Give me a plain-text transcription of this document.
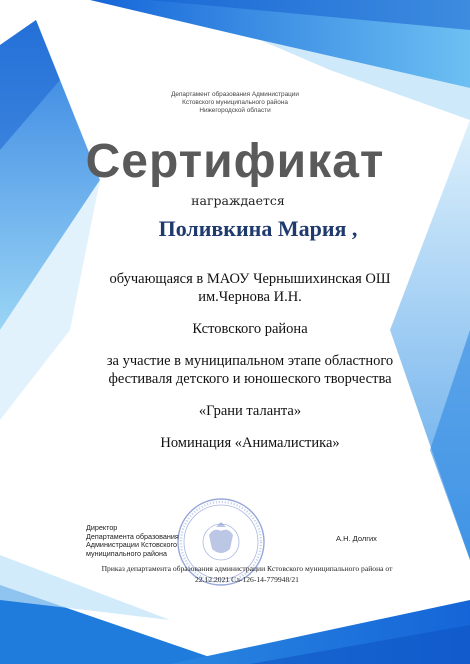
Департамент образования Администрации
Кстовского муниципального района
Нижегородской области
Сертификат
награждается
Поливкина Мария ,
обучающаяся в МАОУ Чернышихинская ОШ
им.Чернова И.Н.
Кстовского района
за участие в муниципальном этапе областного
фестиваля детского и юношеского творчества
«Грани таланта»
Номинация «Анималистика»
Директор
Департамента образования
Администрации Кстовского
муниципального района
А.Н. Долгих
Приказ департамента образования администрации Кстовского муниципального района от
22.12.2021 Сл-126-14-779948/21
